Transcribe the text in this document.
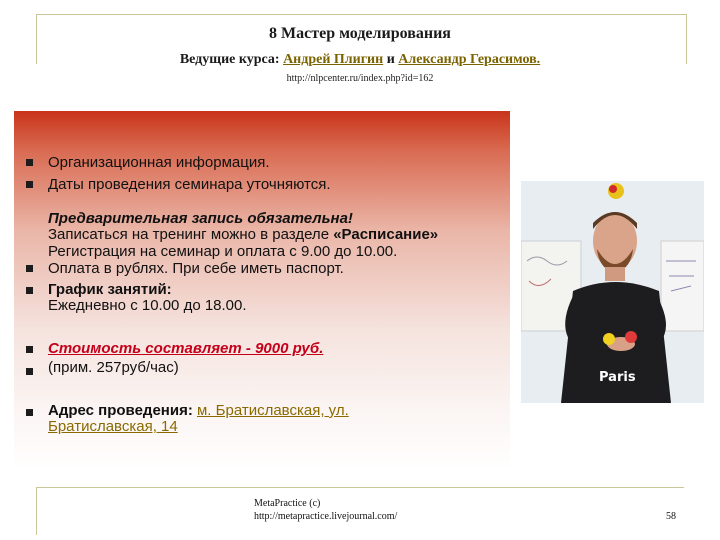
8 Мастер моделирования
Ведущие курса: Андрей Плигин и Александр Герасимов.
http://nlpcenter.ru/index.php?id=162
Организационная информация.
Даты проведения семинара уточняются.
Предварительная запись обязательна!
Записаться на тренинг можно в разделе «Расписание»
Регистрация на семинар и оплата с 9.00 до 10.00.
Оплата в рублях. При себе иметь паспорт.
График занятий:
Ежедневно с 10.00 до 18.00.
Стоимость составляет - 9000 руб.
(прим. 257руб/час)
Адрес проведения: м. Братиславская, ул.
Братиславская, 14
Paris
MetaPractice (c)
http://metapractice.livejournal.com/	58
